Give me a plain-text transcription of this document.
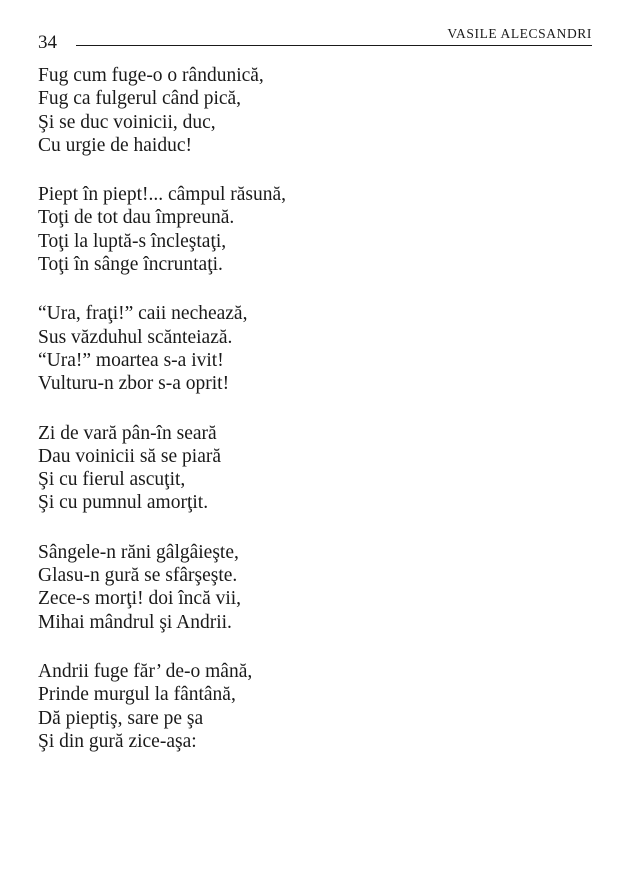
34	VASILE ALECSANDRI
Fug cum fuge-o o rândunică,
Fug ca fulgerul când pică,
Şi se duc voinicii, duc,
Cu urgie de haiduc!
Piept în piept!... câmpul răsună,
Toţi de tot dau împreună.
Toţi la luptă-s încleştaţi,
Toţi în sânge încruntaţi.
“Ura, fraţi!” caii nechează,
Sus văzduhul scănteiază.
“Ura!” moartea s-a ivit!
Vulturu-n zbor s-a oprit!
Zi de vară pân-în seară
Dau voinicii să se piară
Şi cu fierul ascuţit,
Şi cu pumnul amorţit.
Sângele-n răni gâlgâieşte,
Glasu-n gură se sfârşeşte.
Zece-s morţi! doi încă vii,
Mihai mândrul şi Andrii.
Andrii fuge făr’ de-o mână,
Prinde murgul la fântână,
Dă pieptiş, sare pe şa
Şi din gură zice-aşa:
